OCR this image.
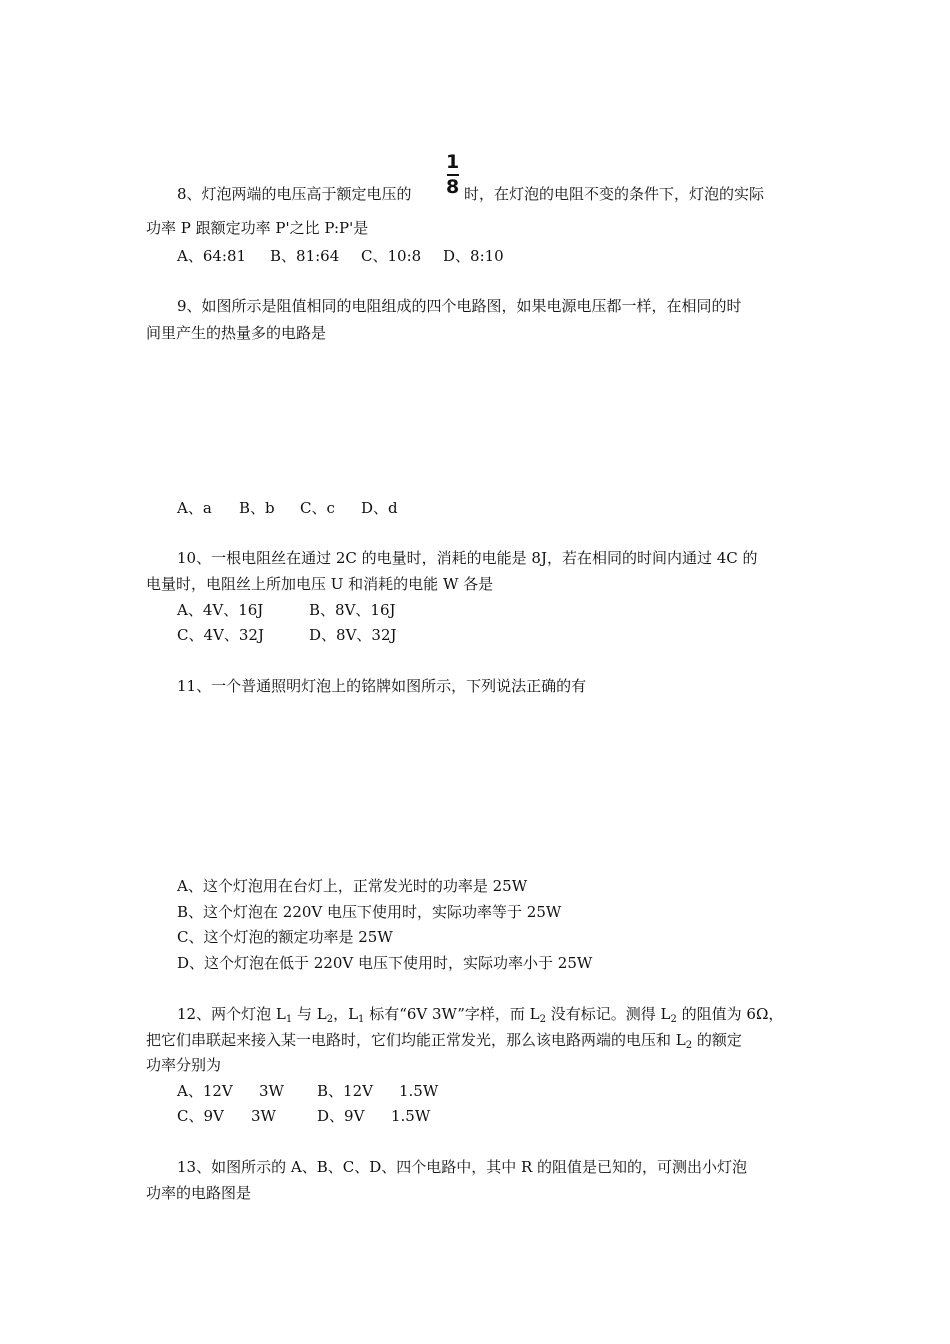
8、灯泡两端的电压高于额定电压的
1
8 时，在灯泡的电阻不变的条件下，灯泡的实际
功率 P 跟额定功率 P'之比 P:P'是
A、64:81 B、81:64 C、10:8 D、8:10
9、如图所示是阻值相同的电阻组成的四个电路图，如果电源电压都一样，在相同的时
间里产生的热量多的电路是
A、a B、b C、c D、d
10、一根电阻丝在通过 2C 的电量时，消耗的电能是 8J，若在相同的时间内通过 4C 的
电量时，电阻丝上所加电压 U 和消耗的电能 W 各是
A、4V、16J	B、8V、16J
C、4V、32J	D、8V、32J
11、一个普通照明灯泡上的铭牌如图所示，下列说法正确的有
A、这个灯泡用在台灯上，正常发光时的功率是 25W
B、这个灯泡在 220V 电压下使用时，实际功率等于 25W
C、这个灯泡的额定功率是 25W
D、这个灯泡在低于 220V 电压下使用时，实际功率小于 25W
12、两个灯泡 $L_1$ 与 $L_2$，$L_1$ 标有“6V 3W”字样，而 $L_2$ 没有标记。测得 $L_2$ 的阻值为 6Ω，
把它们串联起来接入某一电路时，它们均能正常发光，那么该电路两端的电压和 $L_2$ 的额定
功率分别为
A、12V 3W B、12V 1.5W
C、9V 3W	D、9V 1.5W
13、如图所示的 A、B、C、D、四个电路中，其中 R 的阻值是已知的，可测出小灯泡
功率的电路图是
